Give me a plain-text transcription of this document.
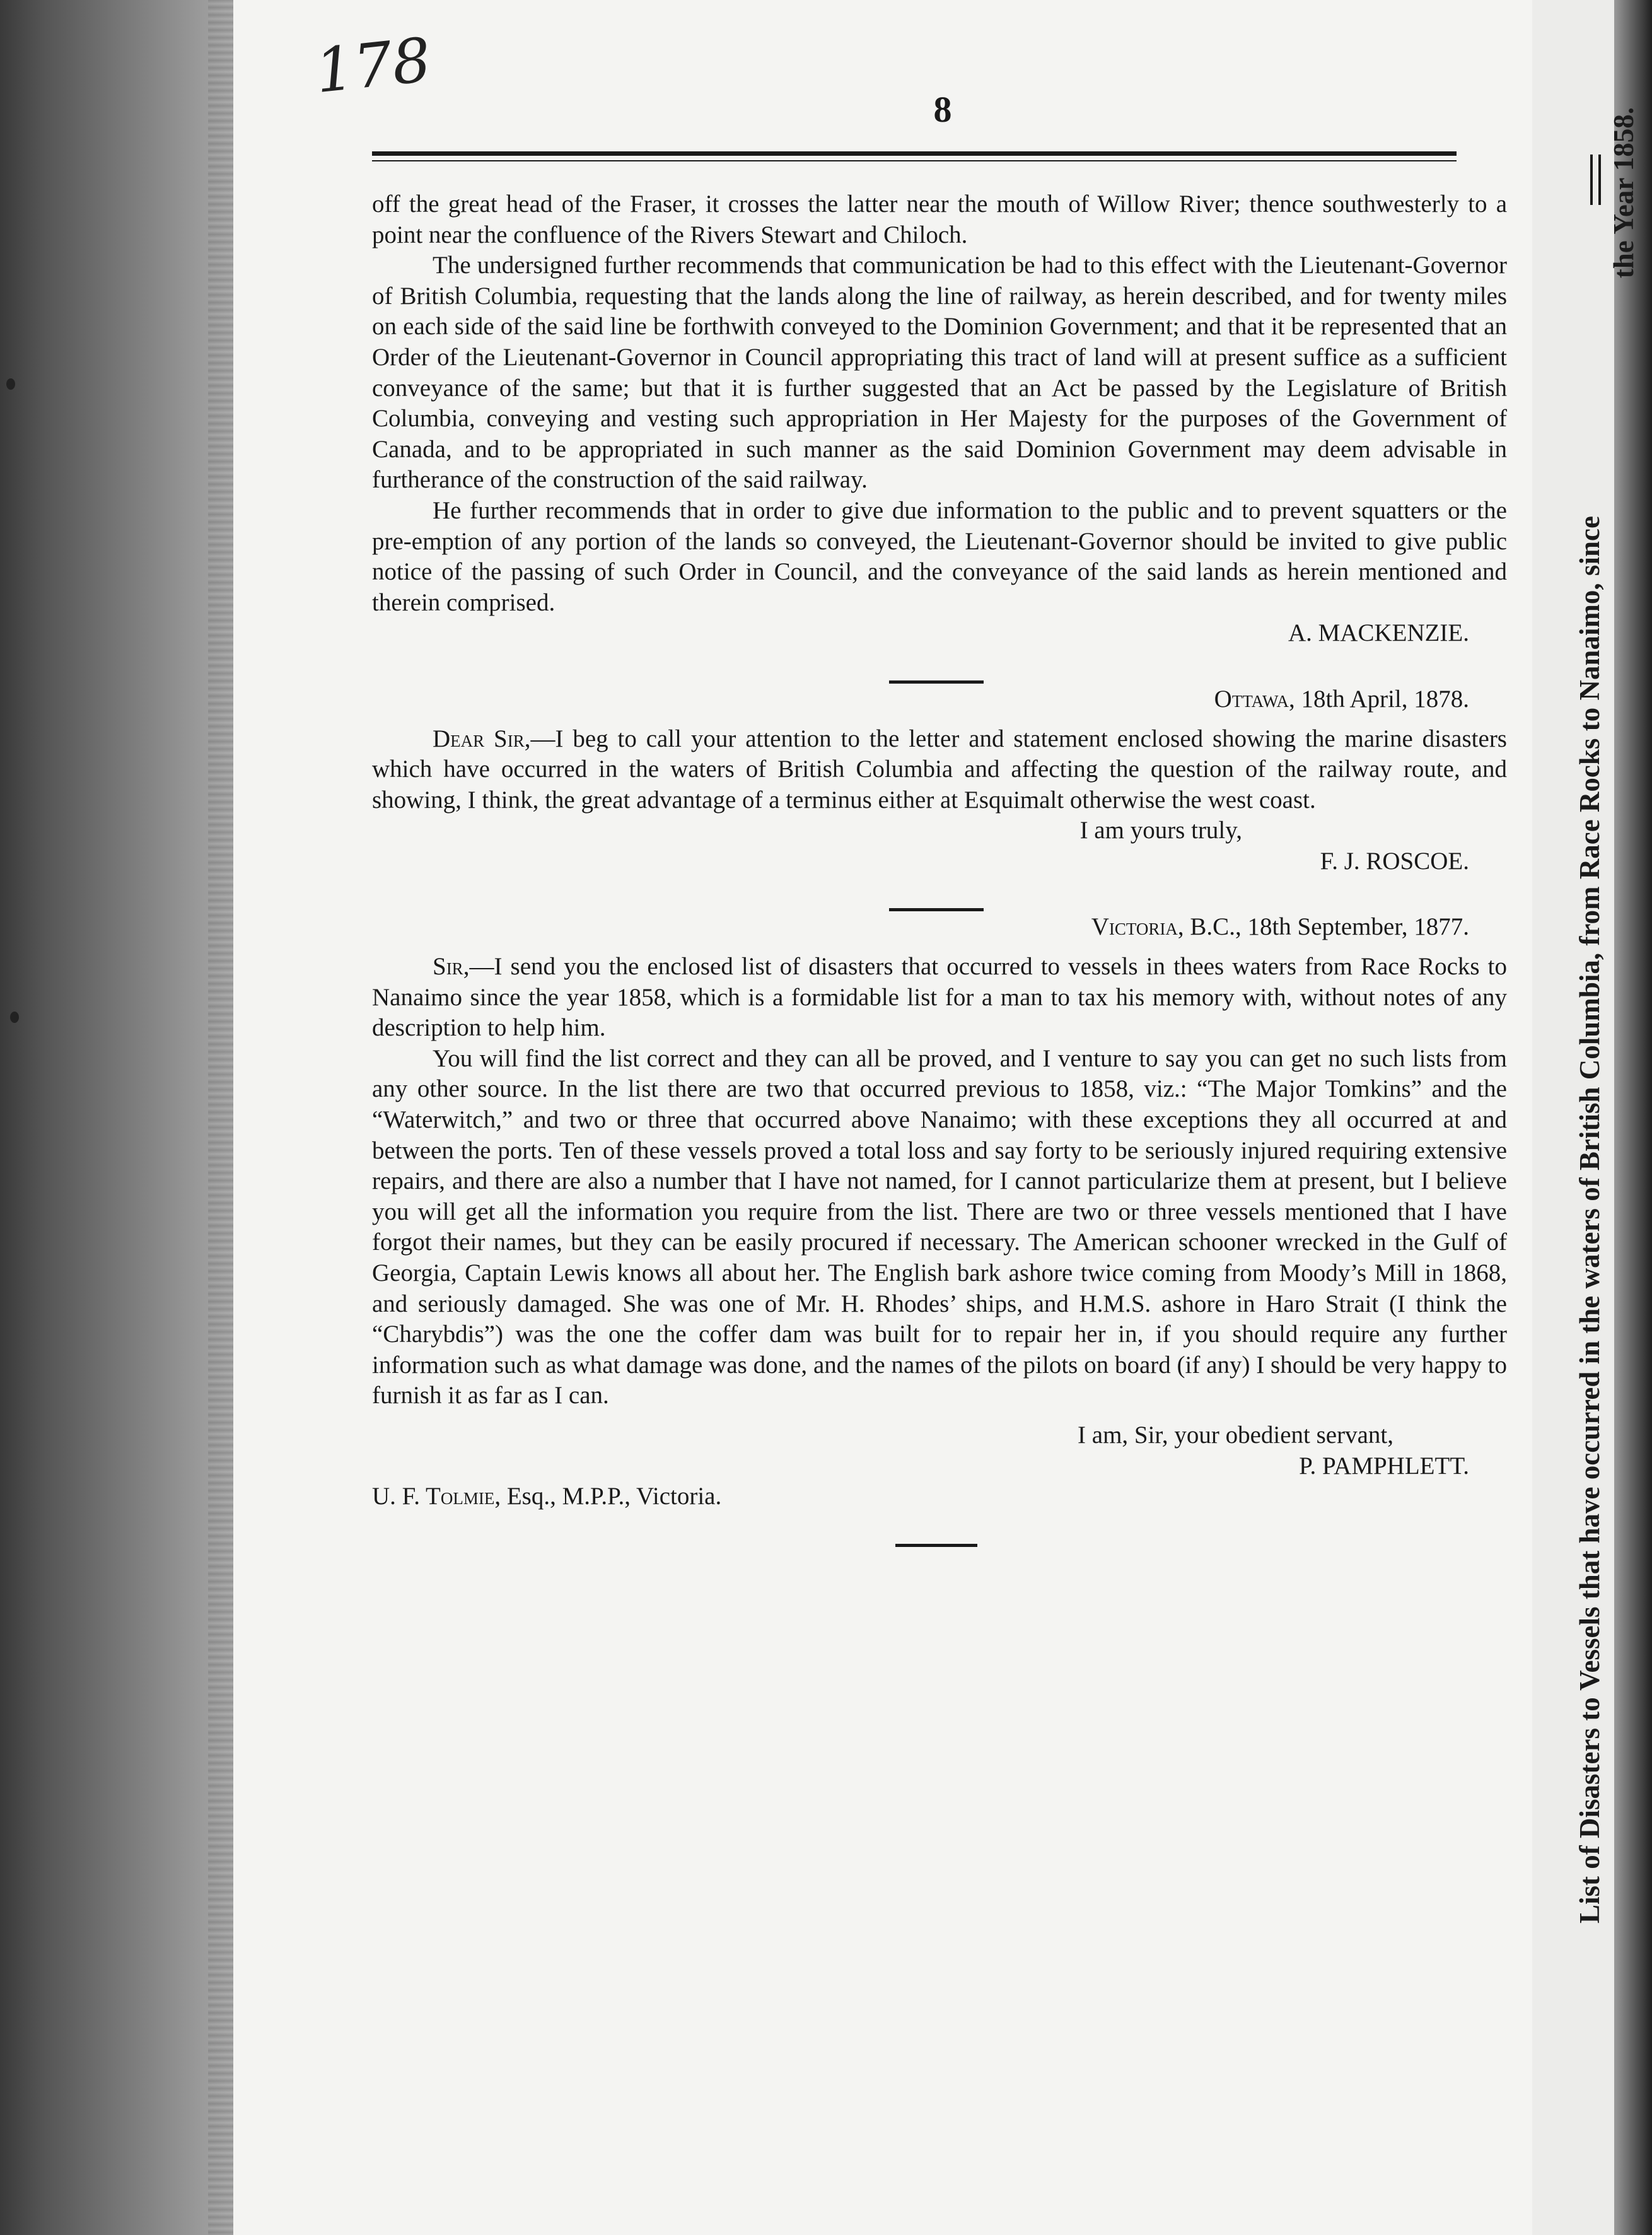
178
8

off the great head of the Fraser, it crosses the latter near the mouth of Willow River; thence southwesterly to a point near the confluence of the Rivers Stewart and Chiloch.

The undersigned further recommends that communication be had to this effect with the Lieutenant-Governor of British Columbia, requesting that the lands along the line of railway, as herein described, and for twenty miles on each side of the said line be forthwith conveyed to the Dominion Government; and that it be represented that an Order of the Lieutenant-Governor in Council appropriating this tract of land will at present suffice as a sufficient conveyance of the same; but that it is further suggested that an Act be passed by the Legislature of British Columbia, conveying and vesting such appropriation in Her Majesty for the purposes of the Government of Canada, and to be appropriated in such manner as the said Dominion Government may deem advisable in furtherance of the construction of the said railway.

He further recommends that in order to give due information to the public and to prevent squatters or the pre-emption of any portion of the lands so conveyed, the Lieutenant-Governor should be invited to give public notice of the passing of such Order in Council, and the conveyance of the said lands as herein mentioned and therein comprised.

A. MACKENZIE.

Ottawa, 18th April, 1878.

Dear Sir,—I beg to call your attention to the letter and statement enclosed showing the marine disasters which have occurred in the waters of British Columbia and affecting the question of the railway route, and showing, I think, the great advantage of a terminus either at Esquimalt otherwise the west coast.

I am yours truly,

F. J. ROSCOE.

Victoria, B.C., 18th September, 1877.

Sir,—I send you the enclosed list of disasters that occurred to vessels in thees waters from Race Rocks to Nanaimo since the year 1858, which is a formidable list for a man to tax his memory with, without notes of any description to help him.

You will find the list correct and they can all be proved, and I venture to say you can get no such lists from any other source. In the list there are two that occurred previous to 1858, viz.: “The Major Tomkins” and the “Waterwitch,” and two or three that occurred above Nanaimo; with these exceptions they all occurred at and between the ports. Ten of these vessels proved a total loss and say forty to be seriously injured requiring extensive repairs, and there are also a number that I have not named, for I cannot particularize them at present, but I believe you will get all the information you require from the list. There are two or three vessels mentioned that I have forgot their names, but they can be easily procured if necessary. The American schooner wrecked in the Gulf of Georgia, Captain Lewis knows all about her. The English bark ashore twice coming from Moody’s Mill in 1868, and seriously damaged. She was one of Mr. H. Rhodes’ ships, and H.M.S. ashore in Haro Strait (I think the “Charybdis”) was the one the coffer dam was built for to repair her in, if you should require any further information such as what damage was done, and the names of the pilots on board (if any) I should be very happy to furnish it as far as I can.

I am, Sir, your obedient servant,

P. PAMPHLETT.

U. F. Tolmie, Esq., M.P.P., Victoria.	List of Disasters to Vessels that have occurred in the waters of British Columbia, from Race Rocks to Nanaimo, since
the Year 1858.
